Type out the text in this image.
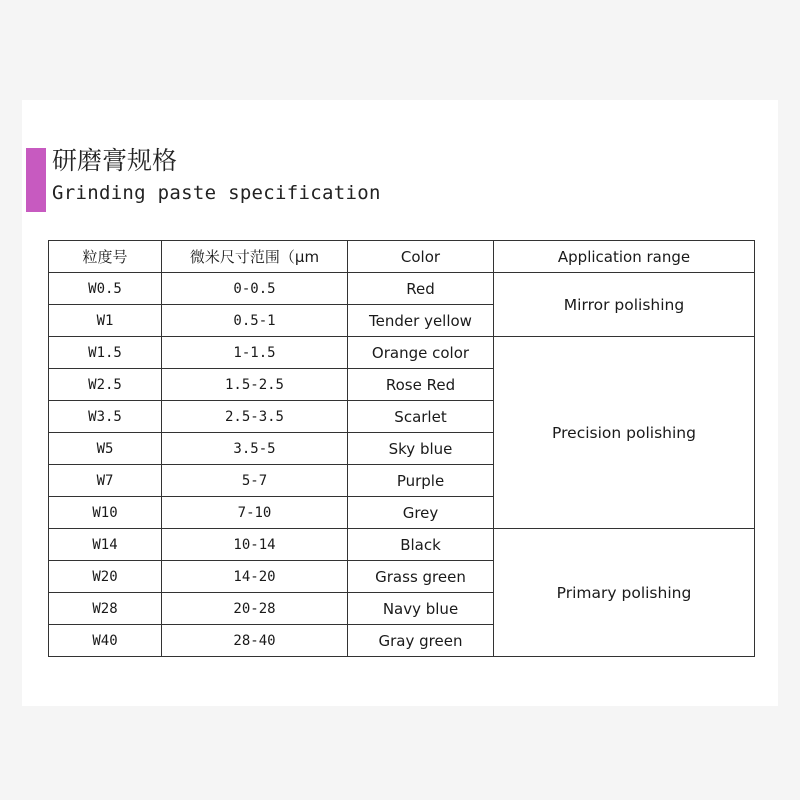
研磨膏规格
Grinding paste specification
粒度号	微米尺寸范围（μm	Color	Application range
W0.5	0-0.5	Red	Mirror polishing
W1	0.5-1	Tender yellow	
W1.5	1-1.5	Orange color	Precision polishing
W2.5	1.5-2.5	Rose Red	
W3.5	2.5-3.5	Scarlet	
W5	3.5-5	Sky blue	
W7	5-7	Purple	
W10	7-10	Grey	
W14	10-14	Black	Primary polishing
W20	14-20	Grass green	
W28	20-28	Navy blue	
W40	28-40	Gray green	
